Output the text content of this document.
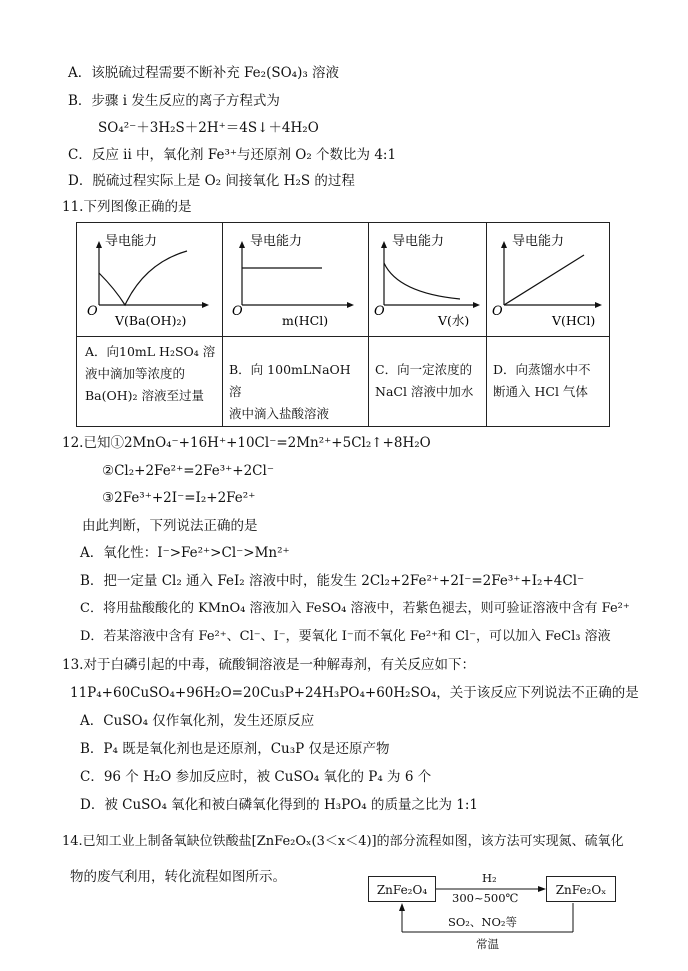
A．该脱硫过程需要不断补充 Fe₂(SO₄)₃ 溶液
B．步骤 i 发生反应的离子方程式为
SO₄²⁻＋3H₂S＋2H⁺＝4S↓＋4H₂O
C．反应 ii 中，氧化剂 Fe³⁺与还原剂 O₂ 个数比为 4:1
D．脱硫过程实际上是 O₂ 间接氧化 H₂S 的过程
11.下列图像正确的是
导电能力
O
V(Ba(OH)₂)
导电能力
O
m(HCl)
导电能力
O
V(水)
导电能力
O
V(HCl)
A．向10mL H₂SO₄ 溶
液中滴加等浓度的
Ba(OH)₂ 溶液至过量
B．向 100mLNaOH 溶
液中滴入盐酸溶液
C．向一定浓度的
NaCl 溶液中加水
D．向蒸馏水中不
断通入 HCl 气体
12.已知①2MnO₄⁻+16H⁺+10Cl⁻=2Mn²⁺+5Cl₂↑+8H₂O
②Cl₂+2Fe²⁺=2Fe³⁺+2Cl⁻
③2Fe³⁺+2I⁻=I₂+2Fe²⁺
由此判断，下列说法正确的是
A．氧化性：I⁻>Fe²⁺>Cl⁻>Mn²⁺
B．把一定量 Cl₂ 通入 FeI₂ 溶液中时，能发生 2Cl₂+2Fe²⁺+2I⁻=2Fe³⁺+I₂+4Cl⁻
C．将用盐酸酸化的 KMnO₄ 溶液加入 FeSO₄ 溶液中，若紫色褪去，则可验证溶液中含有 Fe²⁺
D．若某溶液中含有 Fe²⁺、Cl⁻、I⁻，要氧化 I⁻而不氧化 Fe²⁺和 Cl⁻，可以加入 FeCl₃ 溶液
13.对于白磷引起的中毒，硫酸铜溶液是一种解毒剂，有关反应如下：
11P₄+60CuSO₄+96H₂O=20Cu₃P+24H₃PO₄+60H₂SO₄，关于该反应下列说法不正确的是
A．CuSO₄ 仅作氧化剂，发生还原反应
B．P₄ 既是氧化剂也是还原剂，Cu₃P 仅是还原产物
C．96 个 H₂O 参加反应时，被 CuSO₄ 氧化的 P₄ 为 6 个
D．被 CuSO₄ 氧化和被白磷氧化得到的 H₃PO₄ 的质量之比为 1:1
14.已知工业上制备氧缺位铁酸盐[ZnFe₂Oₓ(3＜x＜4)]的部分流程如图，该方法可实现氮、硫氧化
物的废气利用，转化流程如图所示。
ZnFe₂O₄	ZnFe₂Oₓ
H₂
300~500℃
SO₂、NO₂等
常温
